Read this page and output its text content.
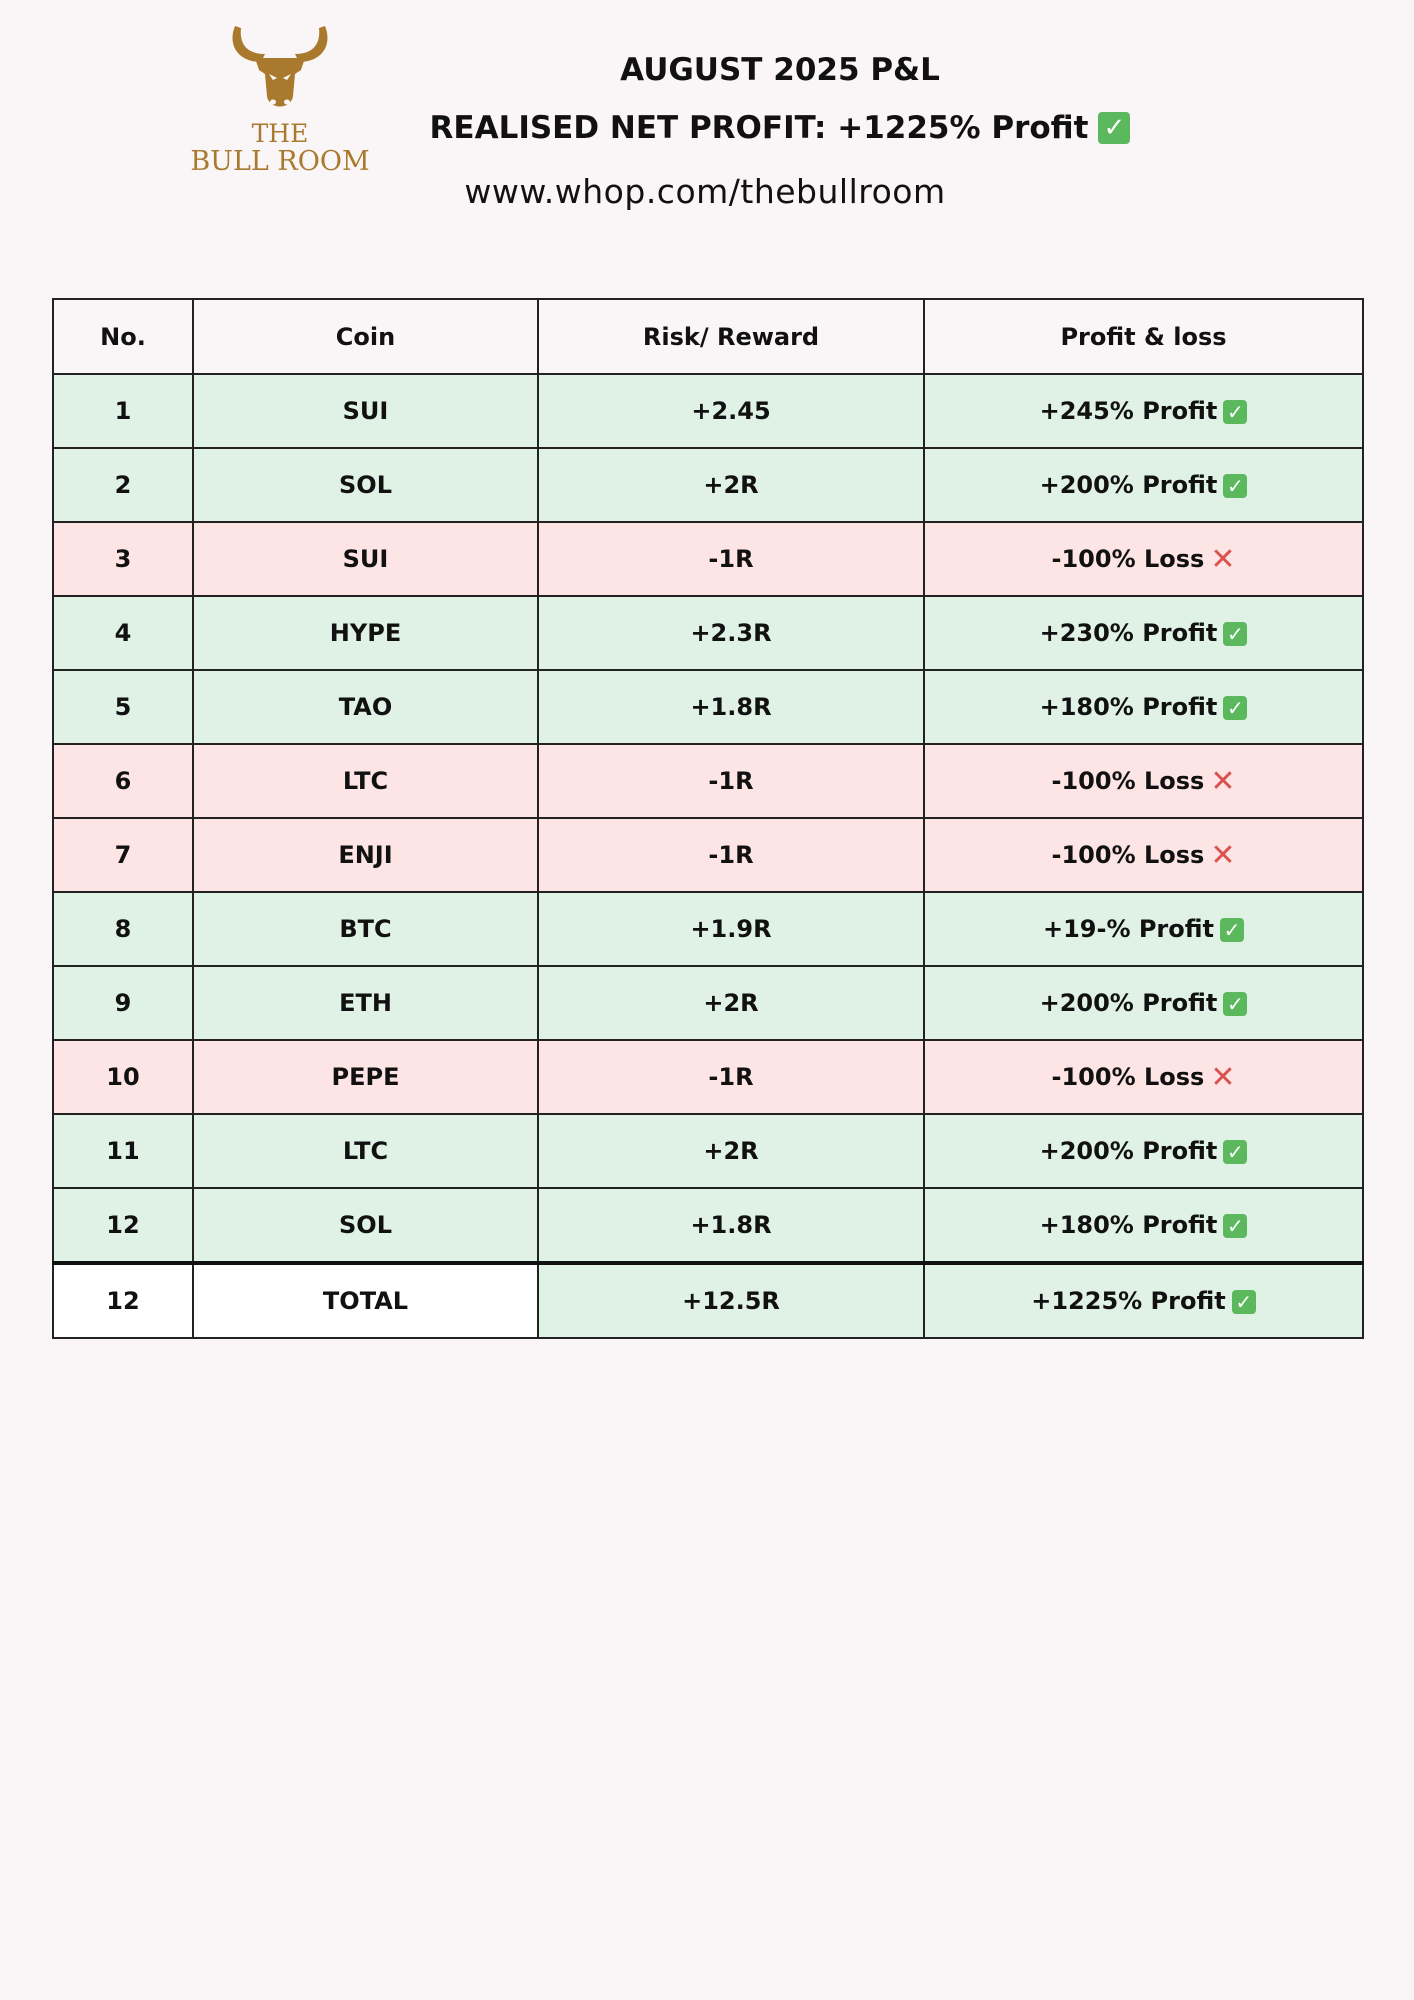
THE
BULL ROOM
AUGUST 2025 P&L
REALISED NET PROFIT: +1225% Profit ✓
www.whop.com/thebullroom
No.	Coin	Risk/ Reward	Profit & loss
1	SUI	+2.45	+245% Profit ✓
2	SOL	+2R	+200% Profit ✓
3	SUI	-1R	-100% Loss ✕
4	HYPE	+2.3R	+230% Profit ✓
5	TAO	+1.8R	+180% Profit ✓
6	LTC	-1R	-100% Loss ✕
7	ENJI	-1R	-100% Loss ✕
8	BTC	+1.9R	+19-% Profit ✓
9	ETH	+2R	+200% Profit ✓
10	PEPE	-1R	-100% Loss ✕
11	LTC	+2R	+200% Profit ✓
12	SOL	+1.8R	+180% Profit ✓
12	TOTAL	+12.5R	+1225% Profit ✓
